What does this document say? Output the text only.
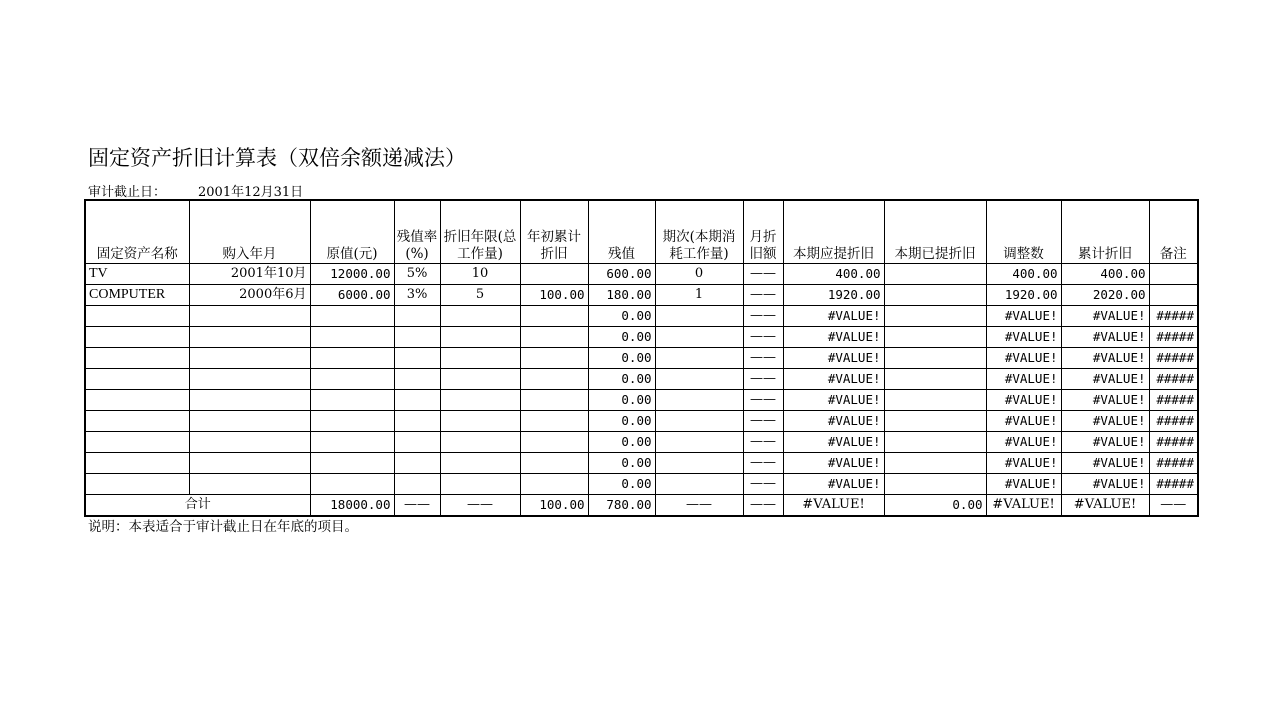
固定资产折旧计算表（双倍余额递减法）
审计截止日： 2001年12月31日
固定资产名称	购入年月	原值(元)	残值率(%)	折旧年限(总工作量)	年初累计折旧	残值	期次(本期消耗工作量)	月折旧额	本期应提折旧	本期已提折旧	调整数	累计折旧	备注
TV	2001年10月	12000.00	5%	10		600.00	0	——	400.00		400.00	400.00	
COMPUTER	2000年6月	6000.00	3%	5	100.00	180.00	1	——	1920.00		1920.00	2020.00	
						0.00		——	#VALUE!		#VALUE!	#VALUE!	#####
						0.00		——	#VALUE!		#VALUE!	#VALUE!	#####
						0.00		——	#VALUE!		#VALUE!	#VALUE!	#####
						0.00		——	#VALUE!		#VALUE!	#VALUE!	#####
						0.00		——	#VALUE!		#VALUE!	#VALUE!	#####
						0.00		——	#VALUE!		#VALUE!	#VALUE!	#####
						0.00		——	#VALUE!		#VALUE!	#VALUE!	#####
						0.00		——	#VALUE!		#VALUE!	#VALUE!	#####
						0.00		——	#VALUE!		#VALUE!	#VALUE!	#####
合计		18000.00	——	——	100.00	780.00	——	——	#VALUE!	0.00	#VALUE!	#VALUE!	——
说明：本表适合于审计截止日在年底的项目。
